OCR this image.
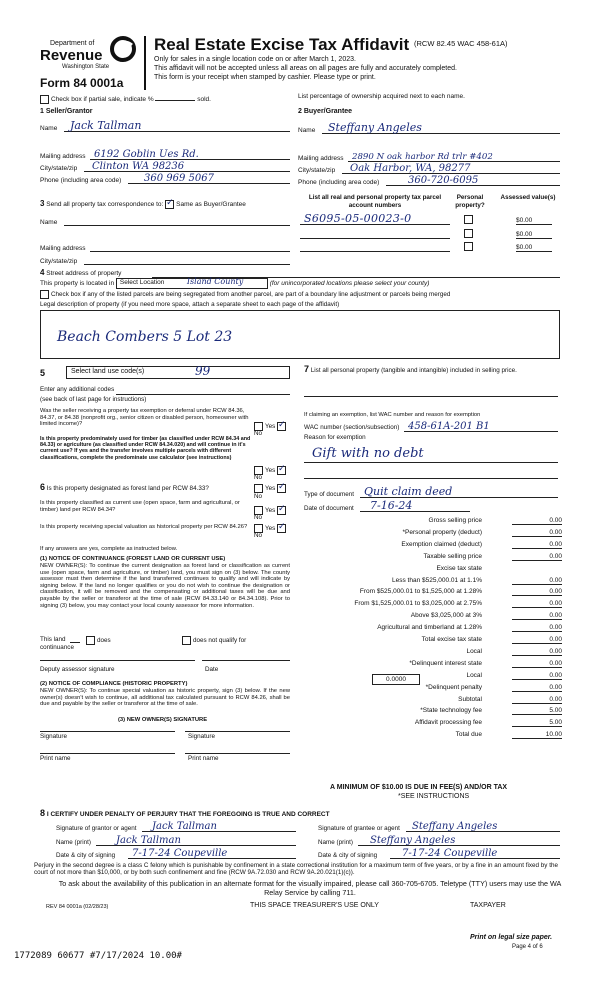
Department of
Revenue
Washington State
Form 84 0001a
Real Estate Excise Tax Affidavit (RCW 82.45 WAC 458-61A)
Only for sales in a single location code on or after March 1, 2023.
This affidavit will not be accepted unless all areas on all pages are fully and accurately completed.
This form is your receipt when stamped by cashier. Please type or print.
Check box if partial sale, indicate %	sold.	List percentage of ownership acquired next to each name.
1 Seller/Grantor
Name Jack Tallman
Mailing address 6192 Goblin Ues Rd.
City/state/zip Clinton WA 98236
Phone (including area code) 360 969 5067
2 Buyer/Grantee
Name Steffany Angeles
Mailing address 2890 N oak harbor Rd trlr #402
City/state/zip Oak Harbor, WA, 98277
Phone (including area code)	360-720-6095
3 Send all property tax correspondence to: ✓ Same as Buyer/Grantee
Name
Mailing address
City/state/zip
List all real and personal property tax parcel account numbers
Personal property?
Assessed value(s)
S6095-05-00023-0	$0.00
$0.00
$0.00
4 Street address of property
This property is located in Select Location	Island County	(for unincorporated locations please select your county)
Check box if any of the listed parcels are being segregated from another parcel, are part of a boundary line adjustment or parcels being merged
Legal description of property (if you need more space, attach a separate sheet to each page of the affidavit)
Beach Combers 5 Lot 23
5	Select land use code(s)	99
Enter any additional codes
(see back of last page for instructions)
Was the seller receiving a property tax exemption or deferral under RCW 84.36, 84.37, or 84.38 (nonprofit org., senior citizen or disabled person, homeowner with limited income)?	Yes ✓No
Is this property predominately used for timber (as classified under RCW 84.34 and 84.33) or agriculture (as classified under RCW 84.34.020) and will continue in it's current use? If yes and the transfer involves multiple parcels with different classifications, complete the predominate use calculator (see instructions)
Yes ✓No
6 Is this property designated as forest land per RCW 84.33?	Yes ✓No
Is this property classified as current use (open space, farm and agricultural, or timber) land per RCW 84.34?	Yes ✓No
Is this property receiving special valuation as historical property per RCW 84.26?	Yes ✓No
If any answers are yes, complete as instructed below.
(1) NOTICE OF CONTINUANCE (FOREST LAND OR CURRENT USE)
NEW OWNER(S): To continue the current designation as forest land or classification as current use (open space, farm and agriculture, or timber) land, you must sign on (3) below. The county assessor must then determine if the land transferred continues to qualify and will indicate by signing below. If the land no longer qualifies or you do not wish to continue the designation or classification, it will be removed and the compensating or additional taxes will be due and payable by the seller or transferor at the time of sale (RCW 84.33.140 or 84.34.108). Prior to signing (3) below, you may contact your local county assessor for more information.
This land
continuance
does	does not qualify for
Deputy assessor signature	Date
(2) NOTICE OF COMPLIANCE (HISTORIC PROPERTY)
NEW OWNER(S): To continue special valuation as historic property, sign (3) below. If the new owner(s) doesn't wish to continue, all additional tax calculated pursuant to RCW 84.26, shall be due and payable by the seller or transferor at the time of sale.
(3) NEW OWNER(S) SIGNATURE
Signature	Signature
Print name	Print name
7 List all personal property (tangible and intangible) included in selling price.
If claiming an exemption, list WAC number and reason for exemption
WAC number (section/subsection) 458-61A-201 B1
Reason for exemption
Gift with no debt
Type of document Quit claim deed
Date of document 7-16-24
Gross selling price	0.00
*Personal property (deduct)	0.00
Exemption claimed (deduct)	0.00
Taxable selling price	0.00
Excise tax state
Less than $525,000.01 at 1.1%	0.00
From $525,000.01 to $1,525,000 at 1.28%	0.00
From $1,525,000.01 to $3,025,000 at 2.75%	0.00
Above $3,025,000 at 3%	0.00
Agricultural and timberland at 1.28%	0.00
Total excise tax state	0.00
Local	0.00
*Delinquent interest state	0.00
Local	0.00
*Delinquent penalty	0.00
Subtotal	0.00
*State technology fee	5.00
Affidavit processing fee	5.00
Total due	10.00
0.0000
A MINIMUM OF $10.00 IS DUE IN FEE(S) AND/OR TAX
*SEE INSTRUCTIONS
8 I CERTIFY UNDER PENALTY OF PERJURY THAT THE FOREGOING IS TRUE AND CORRECT
Signature of grantor or agent Jack Tallman
Name (print)	Jack Tallman
Date & city of signing 7-17-24 Coupeville
Signature of grantee or agent Steffany Angeles
Name (print) Steffany Angeles
Date & city of signing 7-17-24 Coupeville
Perjury in the second degree is a class C felony which is punishable by confinement in a state correctional institution for a maximum term of five years, or by a fine in an amount fixed by the court of not more than $10,000, or by both such confinement and fine (RCW 9A.72.030 and RCW 9A.20.021(1)(c)).
To ask about the availability of this publication in an alternate format for the visually impaired, please call 360-705-6705. Teletype (TTY) users may use the WA Relay Service by calling 711.
REV 84 0001a (02/28/23)	THIS SPACE TREASURER'S USE ONLY	TAXPAYER
Print on legal size paper.
Page 4 of 6
1772089 60677 #7/17/2024 10.00#
